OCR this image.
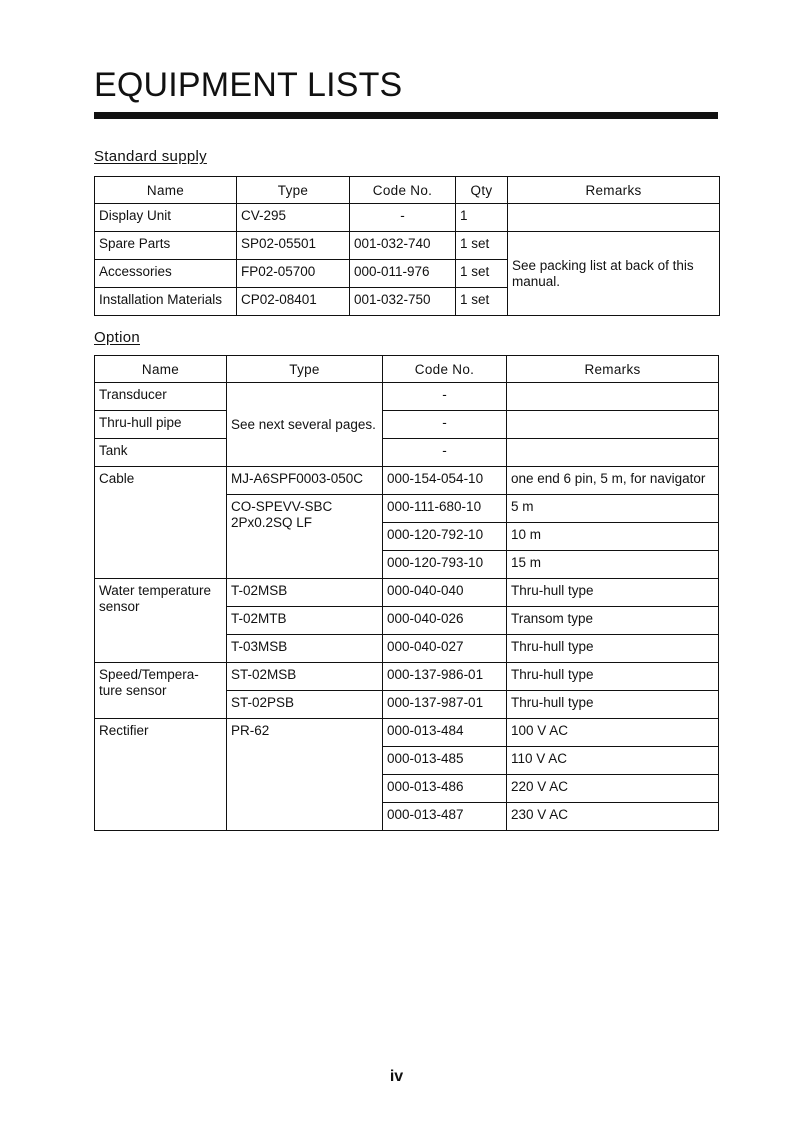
EQUIPMENT LISTS
Standard supply
Name	Type	Code No.	Qty	Remarks
Display Unit	CV-295	-	1	
Spare Parts	SP02-05501	001-032-740	1 set	See packing list at back of this manual.
Accessories	FP02-05700	000-011-976	1 set	
Installation Materials	CP02-08401	001-032-750	1 set	
Option
Name	Type	Code No.	Remarks
Transducer	See next several pages.	-	
Thru-hull pipe		-	
Tank		-	
Cable	MJ-A6SPF0003-050C	000-154-054-10	one end 6 pin, 5 m, for navigator
	CO-SPEVV-SBC 2Px0.2SQ LF	000-111-680-10	5 m
		000-120-792-10	10 m
		000-120-793-10	15 m
Water temperature sensor	T-02MSB	000-040-040	Thru-hull type
	T-02MTB	000-040-026	Transom type
	T-03MSB	000-040-027	Thru-hull type
Speed/Tempera-ture sensor	ST-02MSB	000-137-986-01	Thru-hull type
	ST-02PSB	000-137-987-01	Thru-hull type
Rectifier	PR-62	000-013-484	100 V AC
		000-013-485	110 V AC
		000-013-486	220 V AC
		000-013-487	230 V AC
iv
